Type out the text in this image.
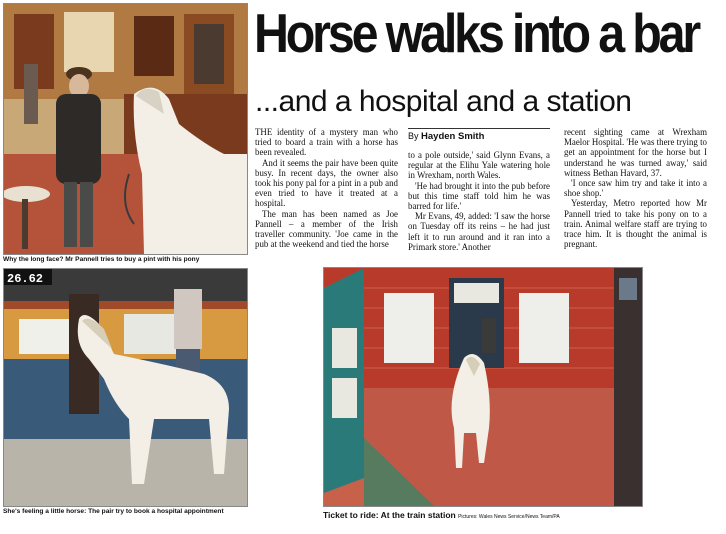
Horse walks into a bar
...and a hospital and a station
Why the long face? Mr Pannell tries to buy a pint with his pony
26.62
She's feeling a little horse: The pair try to book a hospital appointment

THE identity of a mystery man who tried to board a train with a horse has been revealed.

And it seems the pair have been quite busy. In recent days, the owner also took his pony pal for a pint in a pub and even tried to have it treated at a hospital.

The man has been named as Joe Pannell – a member of the Irish traveller community. 'Joe came in the pub at the weekend and tied the horse

By Hayden Smith

to a pole outside,' said Glynn Evans, a regular at the Elihu Yale watering hole in Wrexham, north Wales.

'He had brought it into the pub before but this time staff told him he was barred for life.'

Mr Evans, 49, added: 'I saw the horse on Tuesday off its reins – he had just left it to run around and it ran into a Primark store.' Another

recent sighting came at Wrexham Maelor Hospital. 'He was there trying to get an appointment for the horse but I understand he was turned away,' said witness Bethan Havard, 37.

'I once saw him try and take it into a shoe shop.'

Yesterday, Metro reported how Mr Pannell tried to take his pony on to a train. Animal welfare staff are trying to trace him. It is thought the animal is pregnant.

Ticket to ride: At the train station Pictures: Wales News Service/News Team/PA
